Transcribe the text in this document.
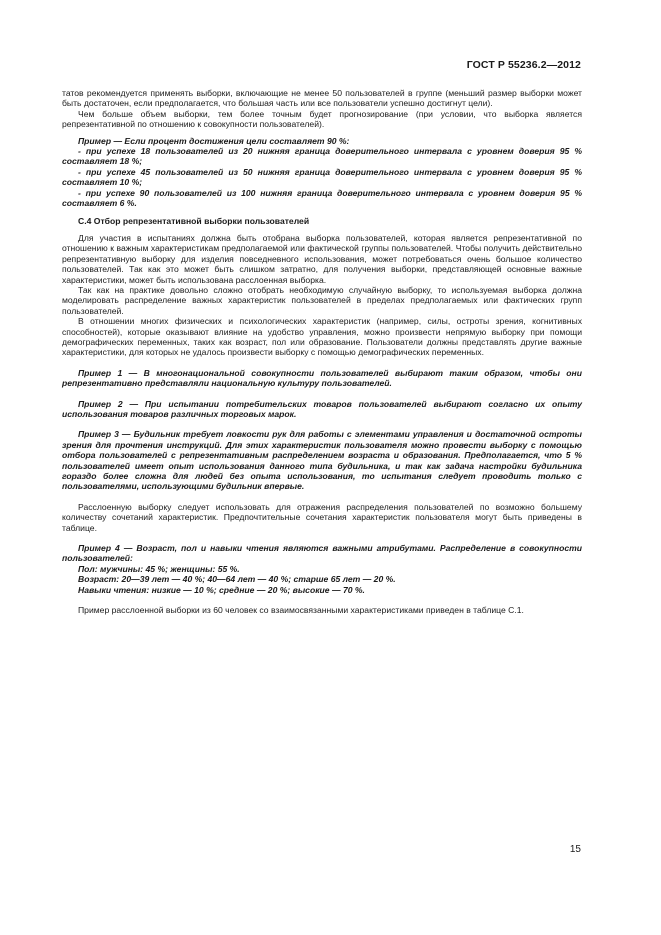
ГОСТ Р 55236.2—2012

татов рекомендуется применять выборки, включающие не менее 50 пользователей в группе (меньший размер выборки может быть достаточен, если предполагается, что большая часть или все пользователи успешно достигнут цели).

Чем больше объем выборки, тем более точным будет прогнозирование (при условии, что выборка является репрезентативной по отношению к совокупности пользователей).

Пример — Если процент достижения цели составляет 90 %:

- при успехе 18 пользователей из 20 нижняя граница доверительного интервала с уровнем доверия 95 % составляет 18 %;

- при успехе 45 пользователей из 50 нижняя граница доверительного интервала с уровнем доверия 95 % составляет 10 %;

- при успехе 90 пользователей из 100 нижняя граница доверительного интервала с уровнем доверия 95 % составляет 6 %.

С.4 Отбор репрезентативной выборки пользователей

Для участия в испытаниях должна быть отобрана выборка пользователей, которая является репрезентативной по отношению к важным характеристикам предполагаемой или фактической группы пользователей. Чтобы получить действительно репрезентативную выборку для изделия повседневного использования, может потребоваться очень большое количество пользователей. Так как это может быть слишком затратно, для получения выборки, представляющей основные важные характеристики, может быть использована расслоенная выборка.

Так как на практике довольно сложно отобрать необходимую случайную выборку, то используемая выборка должна моделировать распределение важных характеристик пользователей в пределах предполагаемых или фактических групп пользователей.

В отношении многих физических и психологических характеристик (например, силы, остроты зрения, когнитивных способностей), которые оказывают влияние на удобство управления, можно произвести непрямую выборку при помощи демографических переменных, таких как возраст, пол или образование. Пользователи должны представлять другие важные характеристики, для которых не удалось произвести выборку с помощью демографических переменных.

Пример 1 — В многонациональной совокупности пользователей выбирают таким образом, чтобы они репрезентативно представляли национальную культуру пользователей.

Пример 2 — При испытании потребительских товаров пользователей выбирают согласно их опыту использования товаров различных торговых марок.

Пример 3 — Будильник требует ловкости рук для работы с элементами управления и достаточной остроты зрения для прочтения инструкций. Для этих характеристик пользователя можно провести выборку с помощью отбора пользователей с репрезентативным распределением возраста и образования. Предполагается, что 5 % пользователей имеет опыт использования данного типа будильника, и так как задача настройки будильника гораздо более сложна для людей без опыта использования, то испытания следует проводить только с пользователями, использующими будильник впервые.

Расслоенную выборку следует использовать для отражения распределения пользователей по возможно большему количеству сочетаний характеристик. Предпочтительные сочетания характеристик пользователя могут быть приведены в таблице.

Пример 4 — Возраст, пол и навыки чтения являются важными атрибутами. Распределение в совокупности пользователей:

Пол: мужчины: 45 %; женщины: 55 %.

Возраст: 20—39 лет — 40 %; 40—64 лет — 40 %; старше 65 лет — 20 %.

Навыки чтения: низкие — 10 %; средние — 20 %; высокие — 70 %.

Пример расслоенной выборки из 60 человек со взаимосвязанными характеристиками приведен в таблице С.1.

15
